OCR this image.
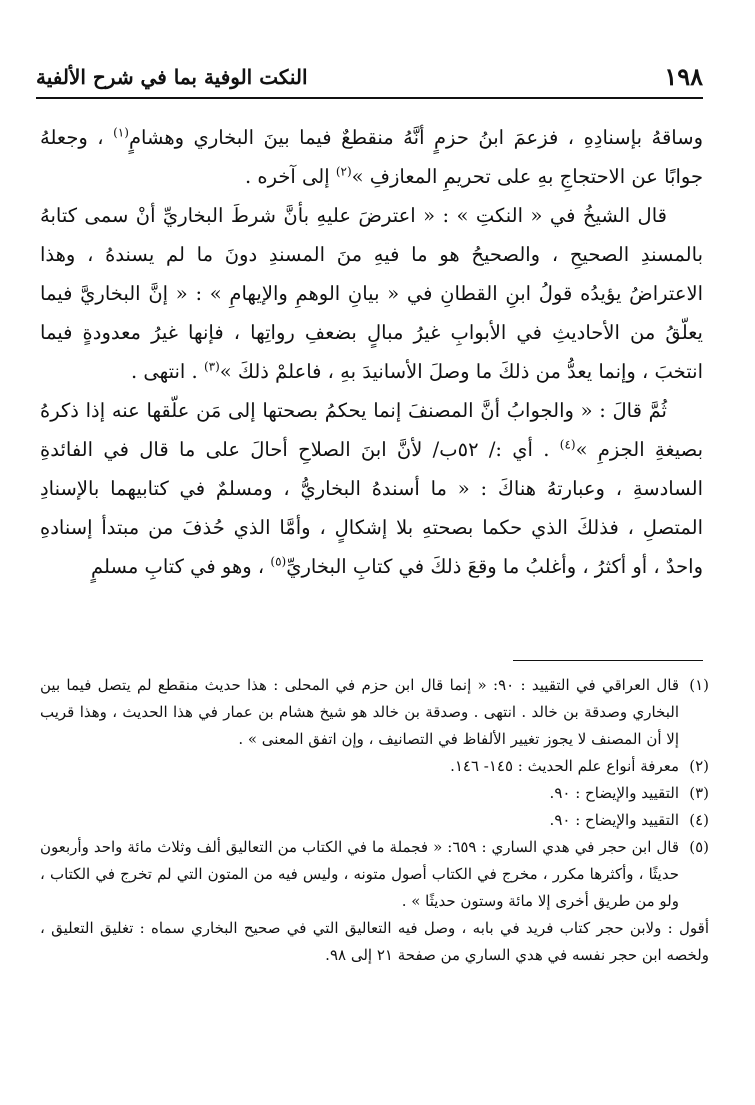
١٩٨
النكت الوفية بما في شرح الألفية

وساقهُ بإسنادِهِ ، فزعمَ ابنُ حزمٍ أنَّهُ منقطعٌ فيما بينَ البخاري وهشامٍ$^{(١)}$ ، وجعلهُ جوابًا عن الاحتجاجِ بهِ على تحريمِ المعازفِ »$^{(٢)}$ إلى آخره .

قال الشيخُ في « النكتِ » : « اعترضَ عليهِ بأنَّ شرطَ البخاريِّ أنْ سمى كتابهُ بالمسندِ الصحيحِ ، والصحيحُ هو ما فيهِ منَ المسندِ دونَ ما لم يسندهُ ، وهذا الاعتراضُ يؤيدُه قولُ ابنِ القطانِ في « بيانِ الوهمِ والإيهامِ » : « إنَّ البخاريَّ فيما يعلّقُ من الأحاديثِ في الأبوابِ غيرُ مبالٍ بضعفِ رواتِها ، فإنها غيرُ معدودةٍ فيما انتخبَ ، وإنما يعدُّ من ذلكَ ما وصلَ الأسانيدَ بهِ ، فاعلمْ ذلكَ »$^{(٣)}$ . انتهى .

ثُمَّ قالَ : « والجوابُ أنَّ المصنفَ إنما يحكمُ بصحتها إلى مَن علّقها عنه إذا ذكرهُ بصيغةِ الجزمِ »$^{(٤)}$ . أي :/ ٥٢ب/ لأنَّ ابنَ الصلاحِ أحالَ على ما قال في الفائدةِ السادسةِ ، وعبارتهُ هناكَ : « ما أسندهُ البخاريُّ ، ومسلمٌ في كتابيهما بالإسنادِ المتصلِ ، فذلكَ الذي حكما بصحتهِ بلا إشكالٍ ، وأمَّا الذي حُذفَ من مبتدأ إسنادهِ واحدٌ ، أو أكثرُ ، وأغلبُ ما وقعَ ذلكَ في كتابِ البخاريِّ$^{(٥)}$ ، وهو في كتابِ مسلمٍ

(١)
قال العراقي في التقييد : ٩٠: « إنما قال ابن حزم في المحلى : هذا حديث منقطع لم يتصل فيما بين البخاري وصدقة بن خالد . انتهى . وصدقة بن خالد هو شيخ هشام بن عمار في هذا الحديث ، وهذا قريب إلا أن المصنف لا يجوز تغيير الألفاظ في التصانيف ، وإن اتفق المعنى » .
(٢)
معرفة أنواع علم الحديث : ١٤٥- ١٤٦.
(٣)
التقييد والإيضاح : ٩٠.
(٤)
التقييد والإيضاح : ٩٠.
(٥)
قال ابن حجر في هدي الساري : ٦٥٩: « فجملة ما في الكتاب من التعاليق ألف وثلاث مائة واحد وأربعون حديثًا ، وأكثرها مكرر ، مخرج في الكتاب أصول متونه ، وليس فيه من المتون التي لم تخرج في الكتاب ، ولو من طريق أخرى إلا مائة وستون حديثًا » .

أقول : ولابن حجر كتاب فريد في بابه ، وصل فيه التعاليق التي في صحيح البخاري سماه : تغليق التعليق ، ولخصه ابن حجر نفسه في هدي الساري من صفحة ٢١ إلى ٩٨.
